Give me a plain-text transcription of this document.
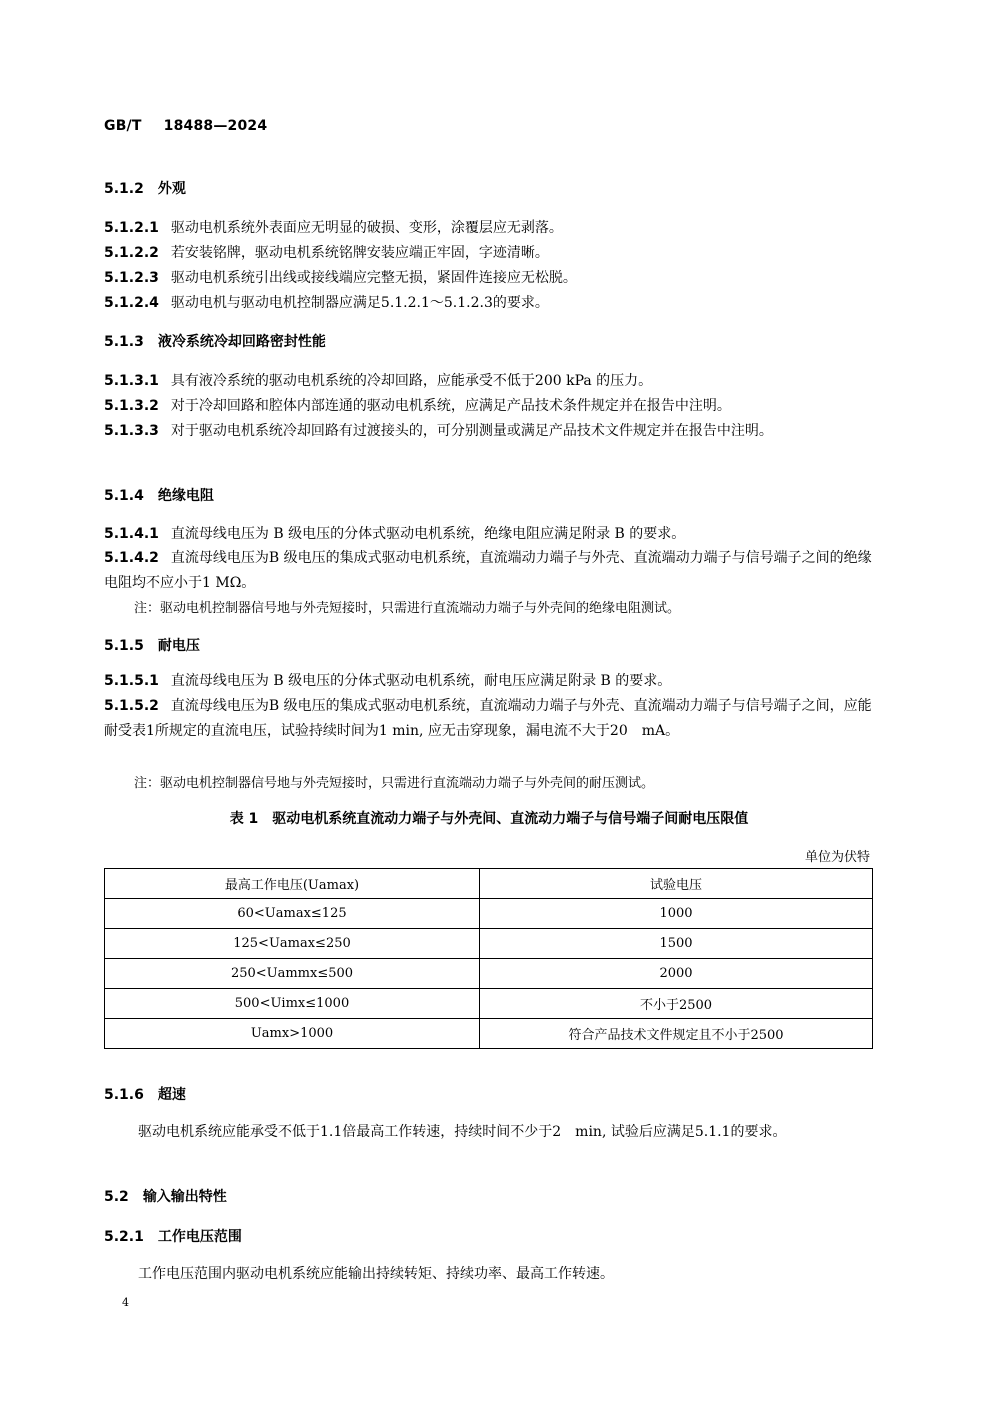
GB/T 18488—2024
5.1.2 外观
5.1.2.1 驱动电机系统外表面应无明显的破损、变形，涂覆层应无剥落。
5.1.2.2 若安装铭牌，驱动电机系统铭牌安装应端正牢固，字迹清晰。
5.1.2.3 驱动电机系统引出线或接线端应完整无损，紧固件连接应无松脱。
5.1.2.4 驱动电机与驱动电机控制器应满足5.1.2.1～5.1.2.3的要求。
5.1.3 液冷系统冷却回路密封性能
5.1.3.1 具有液冷系统的驱动电机系统的冷却回路，应能承受不低于200 kPa 的压力。
5.1.3.2 对于冷却回路和腔体内部连通的驱动电机系统，应满足产品技术条件规定并在报告中注明。
5.1.3.3 对于驱动电机系统冷却回路有过渡接头的，可分别测量或满足产品技术文件规定并在报告中注明。
5.1.4 绝缘电阻
5.1.4.1 直流母线电压为 B 级电压的分体式驱动电机系统，绝缘电阻应满足附录 B 的要求。
5.1.4.2 直流母线电压为B 级电压的集成式驱动电机系统，直流端动力端子与外壳、直流端动力端子与信号端子之间的绝缘电阻均不应小于1 MΩ。
注：驱动电机控制器信号地与外壳短接时，只需进行直流端动力端子与外壳间的绝缘电阻测试。
5.1.5 耐电压
5.1.5.1 直流母线电压为 B 级电压的分体式驱动电机系统，耐电压应满足附录 B 的要求。
5.1.5.2 直流母线电压为B 级电压的集成式驱动电机系统，直流端动力端子与外壳、直流端动力端子与信号端子之间，应能耐受表1所规定的直流电压，试验持续时间为1 min, 应无击穿现象，漏电流不大于20　mA。
注：驱动电机控制器信号地与外壳短接时，只需进行直流端动力端子与外壳间的耐压测试。
表 1　驱动电机系统直流动力端子与外壳间、直流动力端子与信号端子间耐电压限值
单位为伏特
最高工作电压(Uamax)	试验电压
60<Uamax≤125	1000
125<Uamax≤250	1500
250<Uammx≤500	2000
500<Uimx≤1000	不小于2500
Uamx>1000	符合产品技术文件规定且不小于2500
5.1.6 超速
驱动电机系统应能承受不低于1.1倍最高工作转速，持续时间不少于2　min, 试验后应满足5.1.1的要求。
5.2 输入输出特性
5.2.1 工作电压范围
工作电压范围内驱动电机系统应能输出持续转矩、持续功率、最高工作转速。
4
